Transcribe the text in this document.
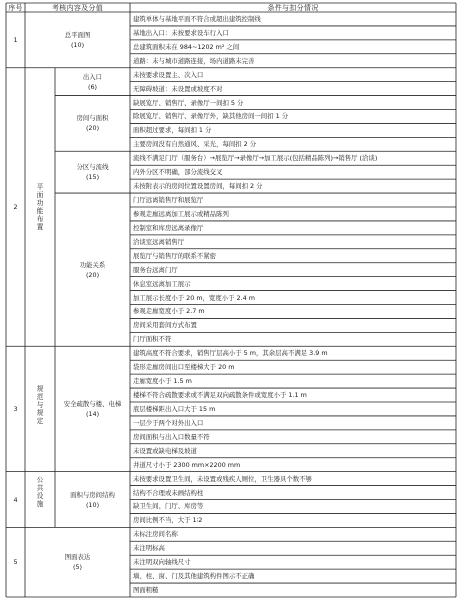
序号	考核内容及分值	条件与扣分情况
建筑单体与基地平面不符合或超出建筑控制线
基地出入口：未按要求设车行入口
总建筑面积未在 984~1202 m² 之间
道路：未与城市道路连接，场内道路未完善
总平面图
(10)
1
未按要求设置主、次入口
无障碍坡道：未设置或坡度不对
出入口
(6)
缺展览厅、销售厅、录像厅一间扣 5 分
除展览厅、销售厅、录像厅外，缺其他房间一间扣 1 分
面积超过要求，每间扣 1 分
主要房间没有自然通风、采光，每间扣 2 分
房间与面积
(20)
流线不满足门厅（服务台）→展览厅→录像厅→加工展示(包括精品陈列)→销售厅 (洽谈)
内外分区不明确，部分流线交叉
未按附表示的房间位置设置房间，每间扣 2 分
分区与流线
(15)
门厅远离销售厅和展览厅
参观走廊远离加工展示或精品陈列
控制室和库房远离录像厅
洽谈室远离销售厅
展览厅与销售厅的联系不紧密
服务台远离门厅
休息室远离加工展示
加工展示长度小于 20 m，宽度小于 2.4 m
参观走廊宽度小于 2.7 m
房间采用套间方式布置
门厅面积不符
功能关系
(20)
平面功能布置
2
建筑高度不符合要求，销售厅层高小于 5 m，其余层高不满足 3.9 m
袋形走廊房间出口至楼梯大于 20 m
走廊宽度小于 1.5 m
楼梯不符合疏散要求或不满足双向疏散条件或宽度小于 1.1 m
底层楼梯距出入口大于 15 m
一层少于两个对外出入口
房间面积与出入口数量不符
未设置或缺电梯及坡道
井道尺寸小于 2300 mm×2200 mm
安全疏散与楼、电梯
(14)
规范与规定
3
未按要求设置卫生间，未设置或残疾人厕位，卫生器具个数不够
结构不合理或未画结构柱
缺卫生间、门厅、库房等
房间比例不当，大于 1∶2
面积与房间结构
(10)
公共设施
4
未标注房间名称
未注明标高
未注明双向轴线尺寸
墙、柱、窗、门及其他建筑构件图示不正确
图面粗糙
图面表达
(5)
5
